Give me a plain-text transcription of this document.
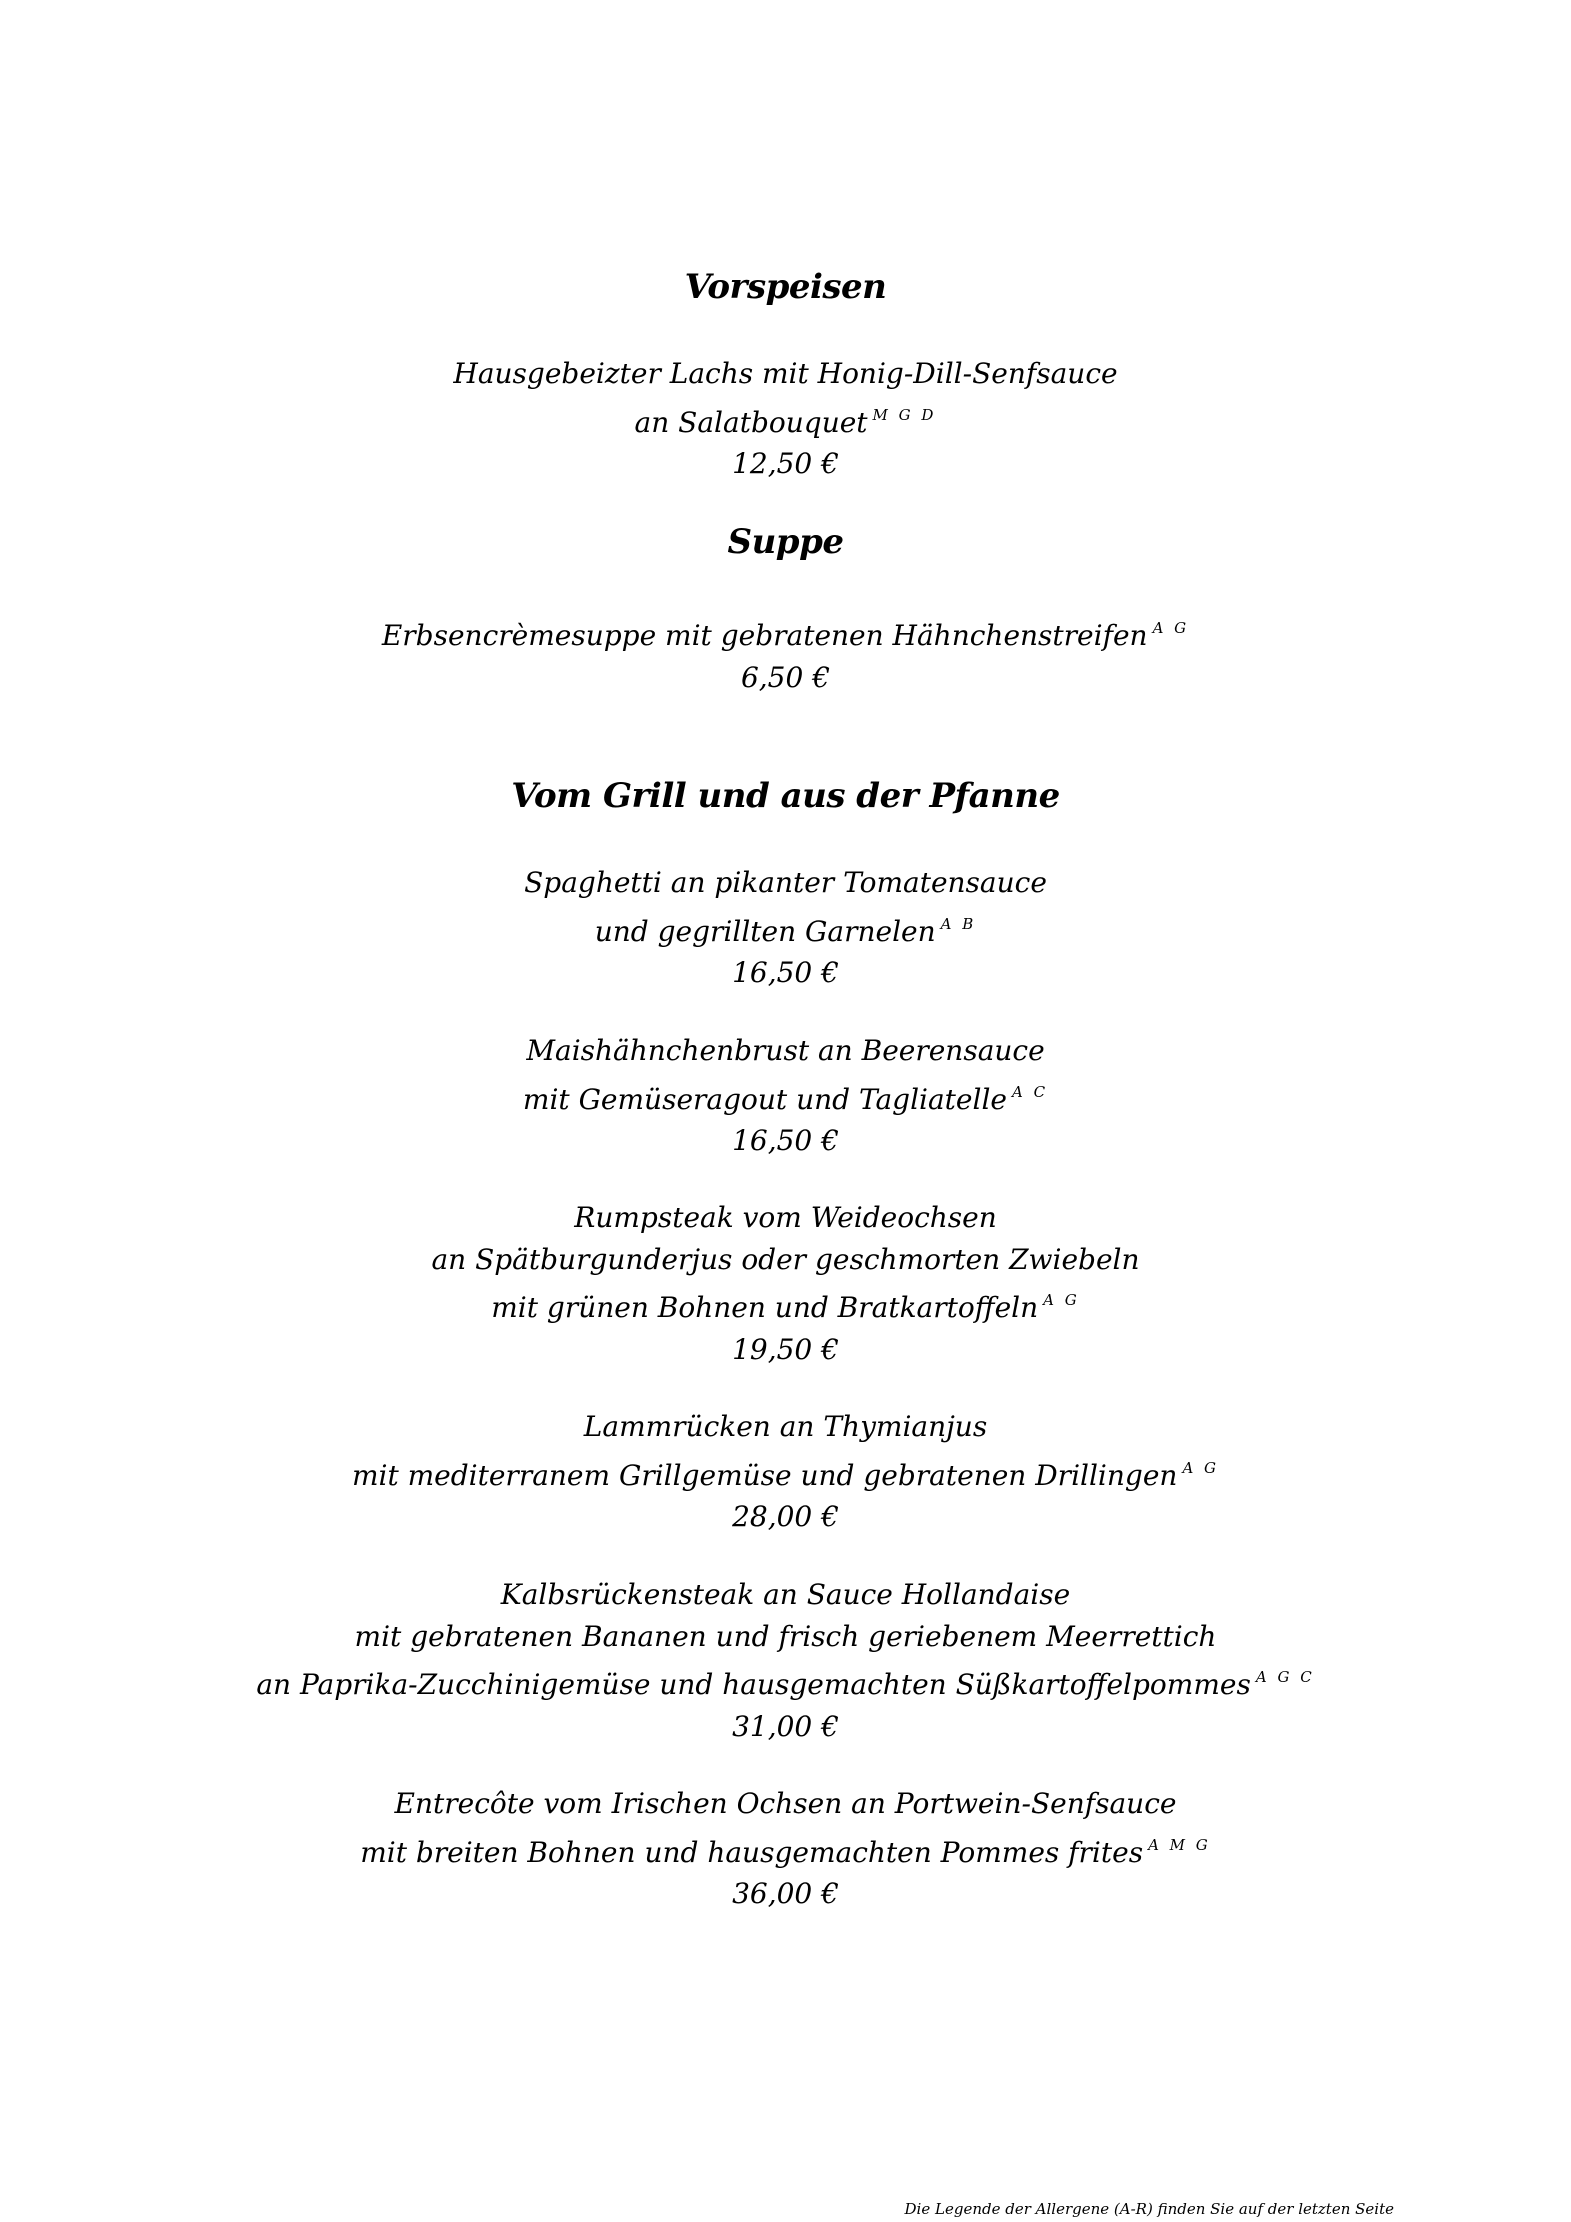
Vorspeisen
Hausgebeizter Lachs mit Honig-Dill-Senfsauce
an Salatbouquet $^{M G D}$
12,50 €
Suppe
Erbsencrèmesuppe mit gebratenen Hähnchenstreifen $^{A G}$
6,50 €
Vom Grill und aus der Pfanne
Spaghetti an pikanter Tomatensauce
und gegrillten Garnelen $^{A B}$
16,50 €
Maishähnchenbrust an Beerensauce
mit Gemüseragout und Tagliatelle $^{A C}$
16,50 €
Rumpsteak vom Weideochsen
an Spätburgunderjus oder geschmorten Zwiebeln
mit grünen Bohnen und Bratkartoffeln $^{A G}$
19,50 €
Lammrücken an Thymianjus
mit mediterranem Grillgemüse und gebratenen Drillingen $^{A G}$
28,00 €
Kalbsrückensteak an Sauce Hollandaise
mit gebratenen Bananen und frisch geriebenem Meerrettich
an Paprika-Zucchinigemüse und hausgemachten Süßkartoffelpommes $^{A G C}$
31,00 €
Entrecôte vom Irischen Ochsen an Portwein-Senfsauce
mit breiten Bohnen und hausgemachten Pommes frites $^{A M G}$
36,00 €
Die Legende der Allergene (A-R) finden Sie auf der letzten Seite
